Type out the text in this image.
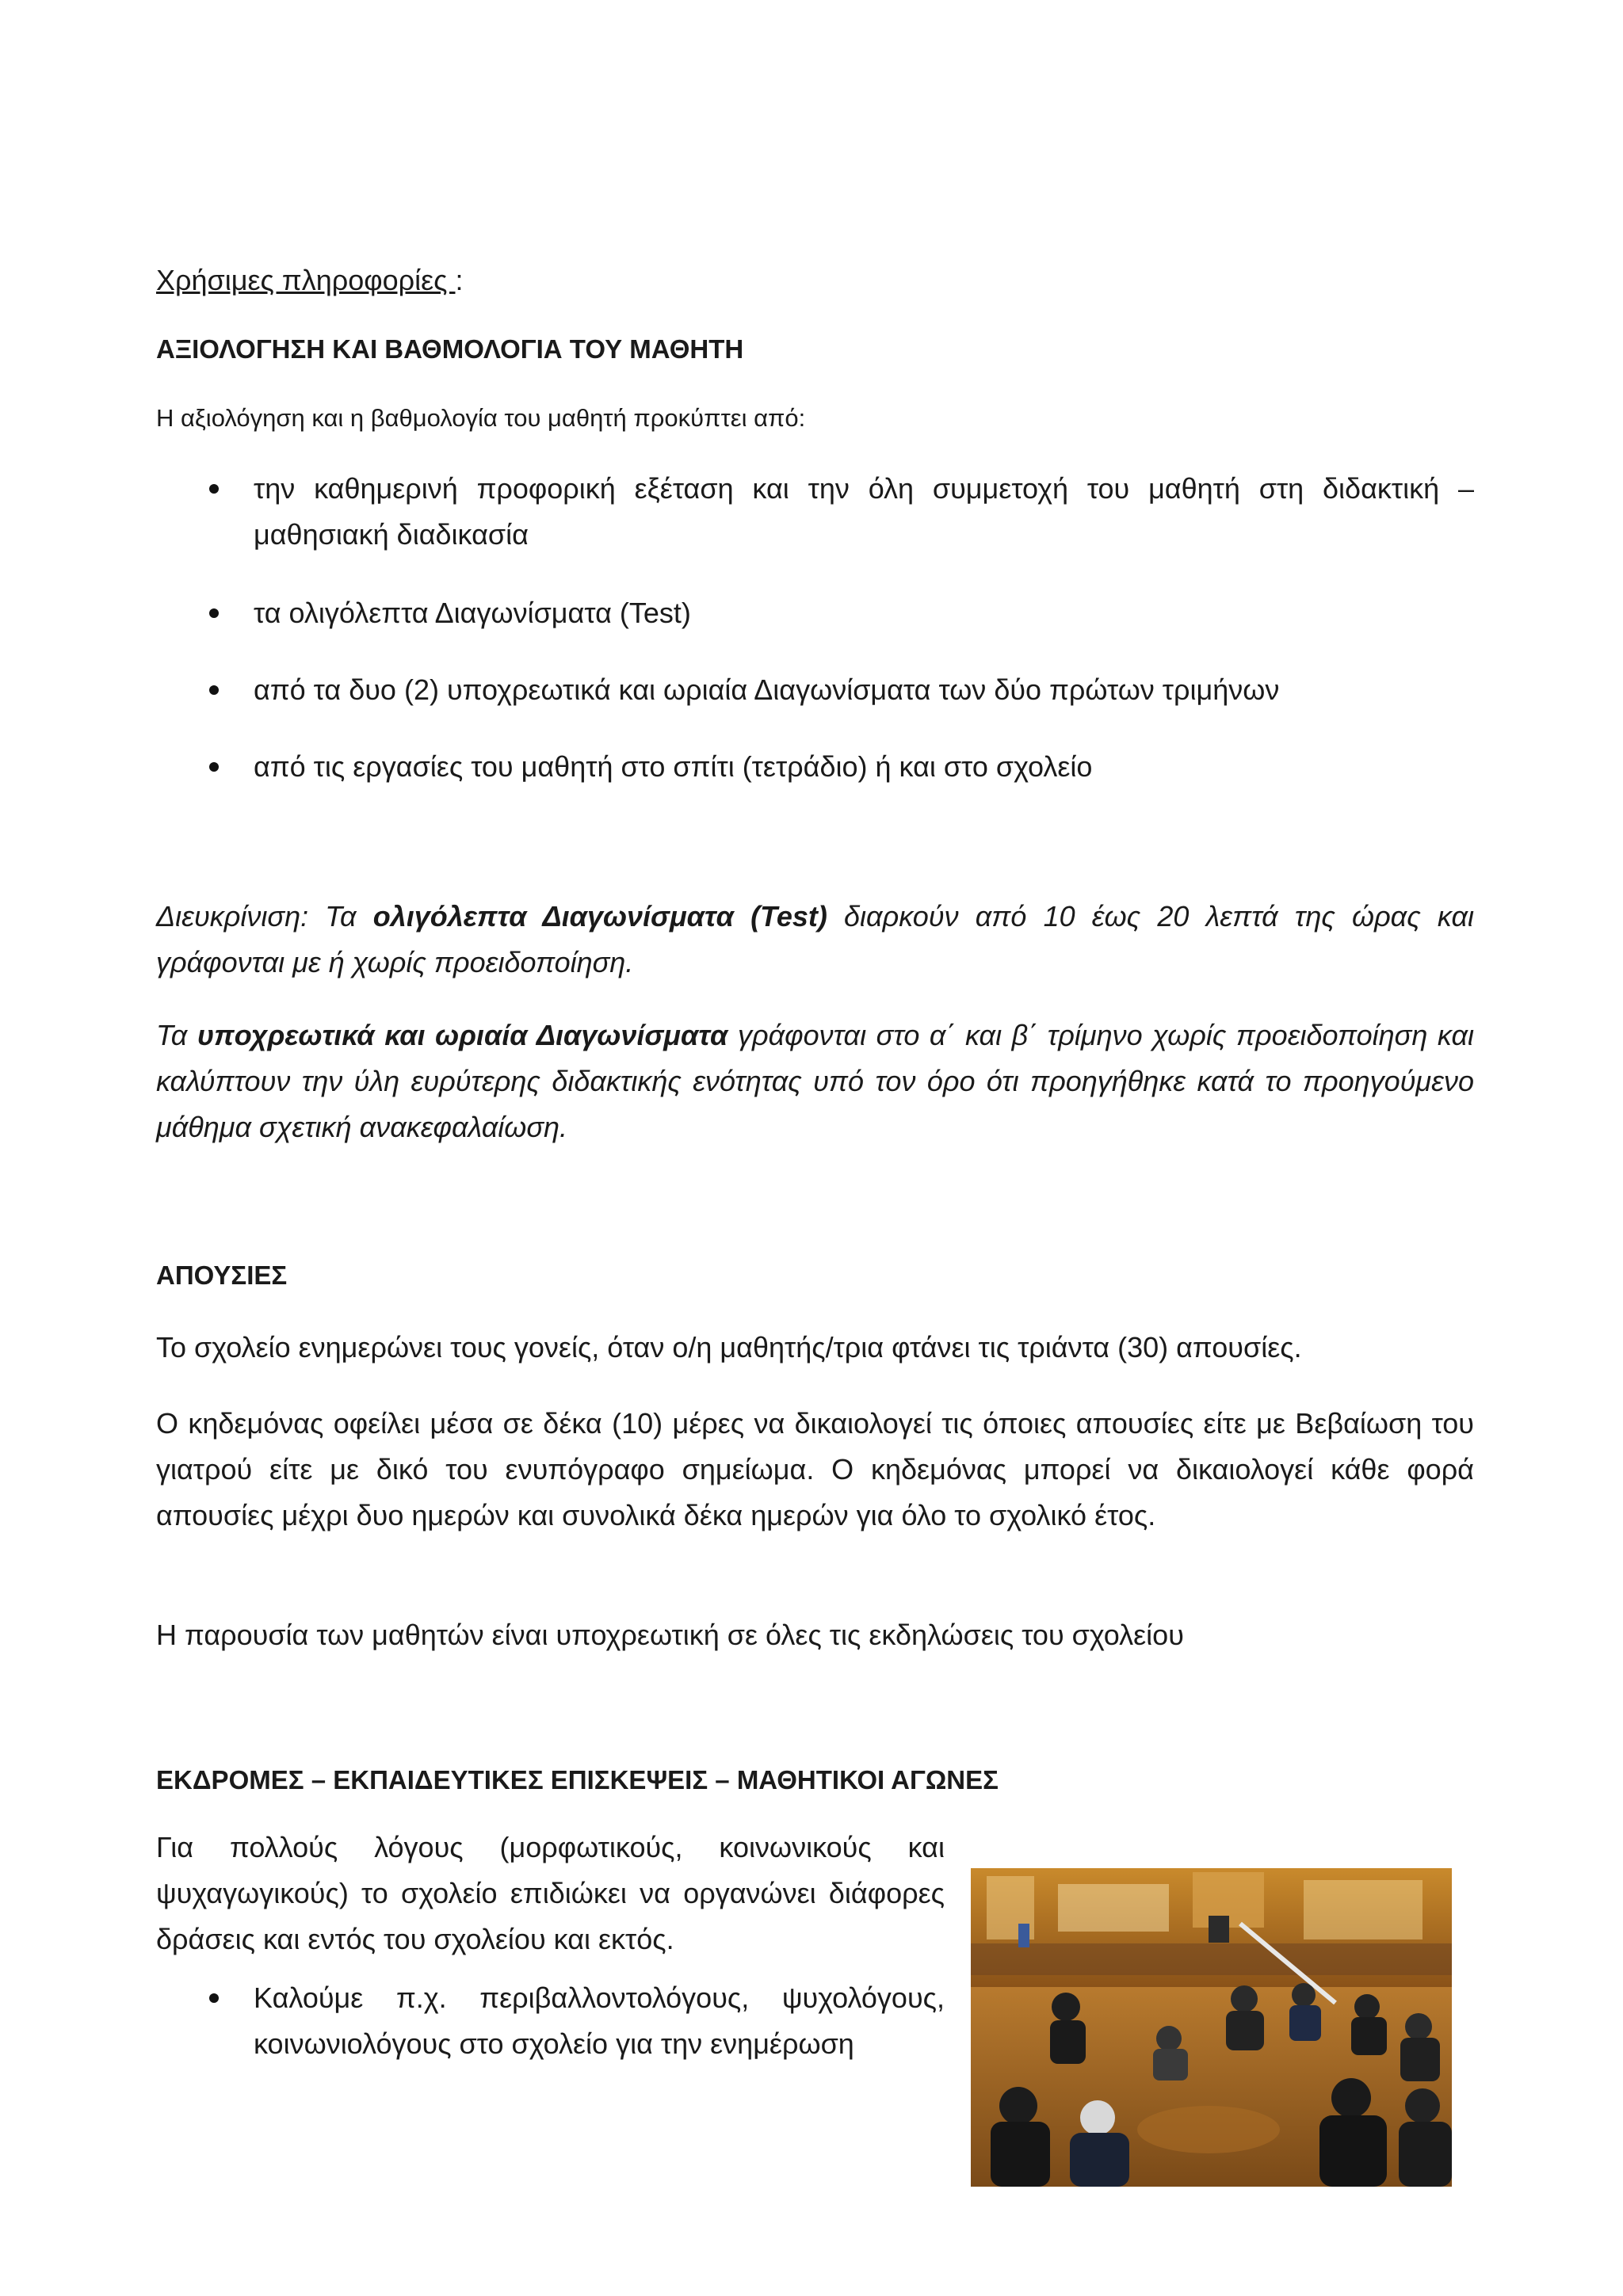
Χρήσιμες πληροφορίες :
ΑΞΙΟΛΟΓΗΣΗ ΚΑΙ ΒΑΘΜΟΛΟΓΙΑ ΤΟΥ ΜΑΘΗΤΗ
Η αξιολόγηση και η βαθμολογία του μαθητή προκύπτει από:
την καθημερινή προφορική εξέταση και την όλη συμμετοχή του μαθητή στη διδακτική – μαθησιακή διαδικασία
τα ολιγόλεπτα Διαγωνίσματα (Test)
από τα δυο (2) υποχρεωτικά και ωριαία Διαγωνίσματα των δύο πρώτων τριμήνων
από τις εργασίες του μαθητή στο σπίτι (τετράδιο) ή και στο σχολείο
Διευκρίνιση: Τα ολιγόλεπτα Διαγωνίσματα (Test) διαρκούν από 10 έως 20 λεπτά της ώρας και γράφονται με ή χωρίς προειδοποίηση.
Τα υποχρεωτικά και ωριαία Διαγωνίσματα γράφονται στο α΄ και β΄ τρίμηνο χωρίς προειδοποίηση και καλύπτουν την ύλη ευρύτερης διδακτικής ενότητας υπό τον όρο ότι προηγήθηκε κατά το προηγούμενο μάθημα σχετική ανακεφαλαίωση.
ΑΠΟΥΣΙΕΣ
Το σχολείο ενημερώνει τους γονείς, όταν ο/η μαθητής/τρια φτάνει τις τριάντα (30) απουσίες.
Ο κηδεμόνας οφείλει μέσα σε δέκα (10) μέρες να δικαιολογεί τις όποιες απουσίες είτε με Βεβαίωση του γιατρού είτε με δικό του ενυπόγραφο σημείωμα. Ο κηδεμόνας μπορεί να δικαιολογεί κάθε φορά απουσίες μέχρι δυο ημερών και συνολικά δέκα ημερών για όλο το σχολικό έτος.
Η παρουσία των μαθητών είναι υποχρεωτική σε όλες τις εκδηλώσεις του σχολείου
ΕΚΔΡΟΜΕΣ – ΕΚΠΑΙΔΕΥΤΙΚΕΣ ΕΠΙΣΚΕΨΕΙΣ – ΜΑΘΗΤΙΚΟΙ ΑΓΩΝΕΣ
Για πολλούς λόγους (μορφωτικούς, κοινωνικούς και ψυχαγωγικούς) το σχολείο επιδιώκει να οργανώνει διάφορες δράσεις και εντός του σχολείου και εκτός.
Καλούμε π.χ. περιβαλλοντολόγους, ψυχολόγους, κοινωνιολόγους στο σχολείο για την ενημέρωση
